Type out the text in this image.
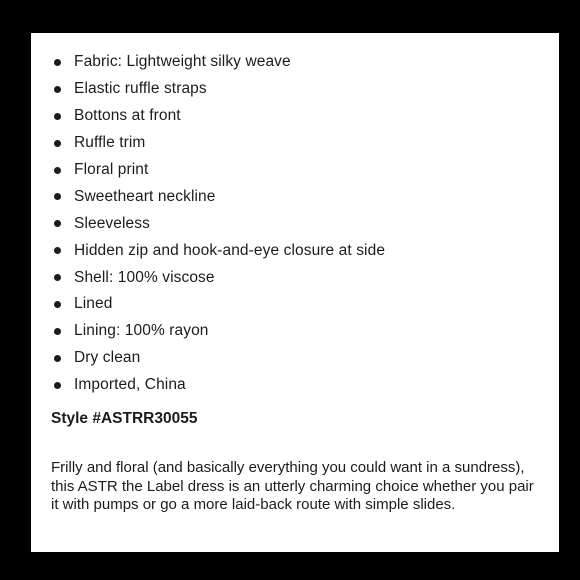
Fabric: Lightweight silky weave
Elastic ruffle straps
Bottons at front
Ruffle trim
Floral print
Sweetheart neckline
Sleeveless
Hidden zip and hook-and-eye closure at side
Shell: 100% viscose
Lined
Lining: 100% rayon
Dry clean
Imported, China

Style #ASTRR30055

Frilly and floral (and basically everything you could want in a sundress), this ASTR the Label dress is an utterly charming choice whether you pair it with pumps or go a more laid-back route with simple slides.
